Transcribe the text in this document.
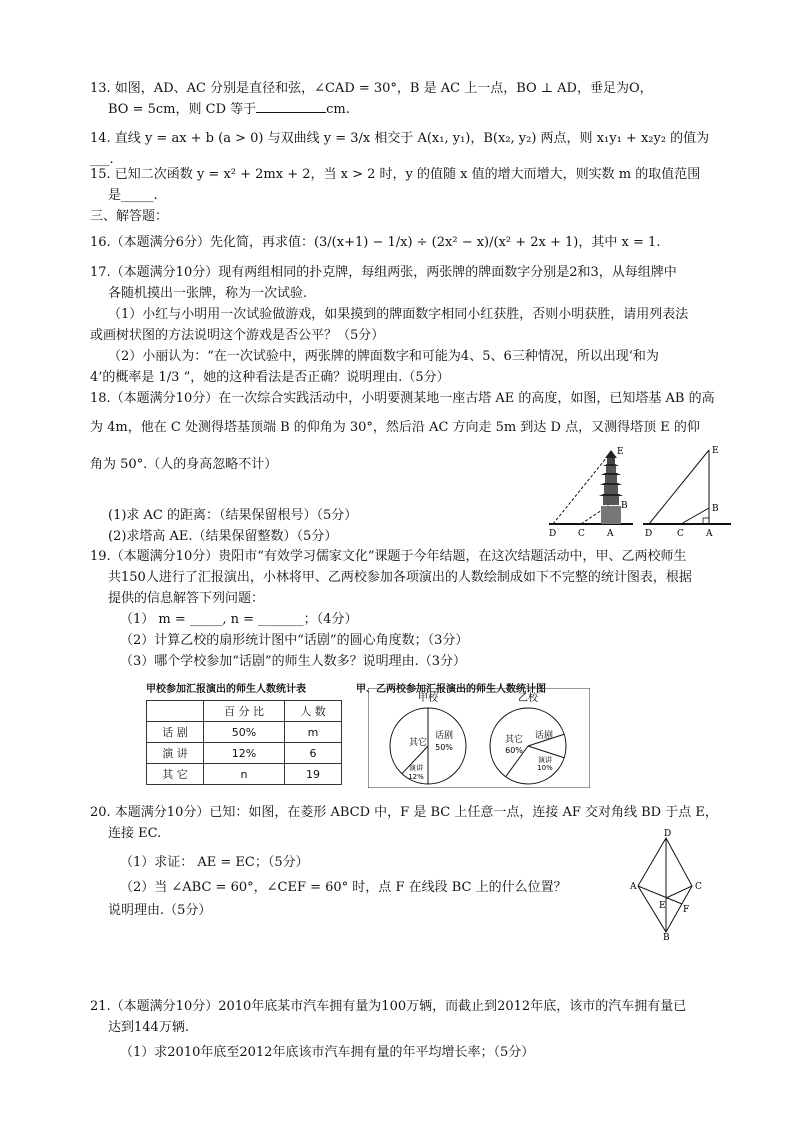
13. 如图，AD、AC 分别是直径和弦，∠CAD = 30°，B 是 AC 上一点，BO ⊥ AD，垂足为O，
BO = 5cm，则 CD 等于	cm.
14. 直线 y = ax + b (a > 0) 与双曲线 y = 3/x 相交于 A(x₁, y₁)，B(x₂, y₂) 两点，则 x₁y₁ + x₂y₂ 的值为___.
15. 已知二次函数 y = x² + 2mx + 2，当 x > 2 时，y 的值随 x 值的增大而增大，则实数 m 的取值范围
是_____.
三、解答题：
16.（本题满分6分）先化简，再求值：(3/(x+1) − 1/x) ÷ (2x² − x)/(x² + 2x + 1)，其中 x = 1.
17.（本题满分10分）现有两组相同的扑克牌，每组两张，两张牌的牌面数字分别是2和3，从每组牌中
各随机摸出一张牌，称为一次试验.
（1）小红与小明用一次试验做游戏，如果摸到的牌面数字相同小红获胜，否则小明获胜，请用列表法
或画树状图的方法说明这个游戏是否公平？（5分）
（2）小丽认为：“在一次试验中，两张牌的牌面数字和可能为4、5、6三种情况，所以出现‘和为
4’的概率是 1/3 ”，她的这种看法是否正确？说明理由.（5分）
18.（本题满分10分）在一次综合实践活动中，小明要测某地一座古塔 AE 的高度，如图，已知塔基 AB 的高
为 4m，他在 C 处测得塔基顶端 B 的仰角为 30°，然后沿 AC 方向走 5m 到达 D 点，又测得塔顶 E 的仰
角为 50°.（人的身高忽略不计）
(1)求 AC 的距离：（结果保留根号）（5分）
(2)求塔高 AE.（结果保留整数）（5分）
E
B
D C A
E
B
D	C A
19.（本题满分10分）贵阳市“有效学习儒家文化”课题于今年结题，在这次结题活动中，甲、乙两校师生
共150人进行了汇报演出，小林将甲、乙两校参加各项演出的人数绘制成如下不完整的统计图表，根据
提供的信息解答下列问题：
（1） m = _____, n = _______；（4分）
（2）计算乙校的扇形统计图中“话剧”的圆心角度数；（3分）
（3）哪个学校参加“话剧”的师生人数多？说明理由.（3分）
甲校参加汇报演出的师生人数统计表	甲、乙两校参加汇报演出的师生人数统计图
	百 分 比	人 数
话 剧	50%	m
演 讲	12%	6
其 它	n	19
甲校	乙校
其它
话剧
50%
演讲
12%
其它
60%
话剧
演讲
10%
20. 本题满分10分）已知：如图，在菱形 ABCD 中，F 是 BC 上任意一点，连接 AF 交对角线 BD 于点 E，
连接 EC.
（1）求证： AE = EC；（5分）
（2）当 ∠ABC = 60°，∠CEF = 60° 时，点 F 在线段 BC 上的什么位置？
说明理由.（5分）
D
A	C
E F
B
21.（本题满分10分）2010年底某市汽车拥有量为100万辆，而截止到2012年底，该市的汽车拥有量已
达到144万辆.
（1）求2010年底至2012年底该市汽车拥有量的年平均增长率；（5分）
